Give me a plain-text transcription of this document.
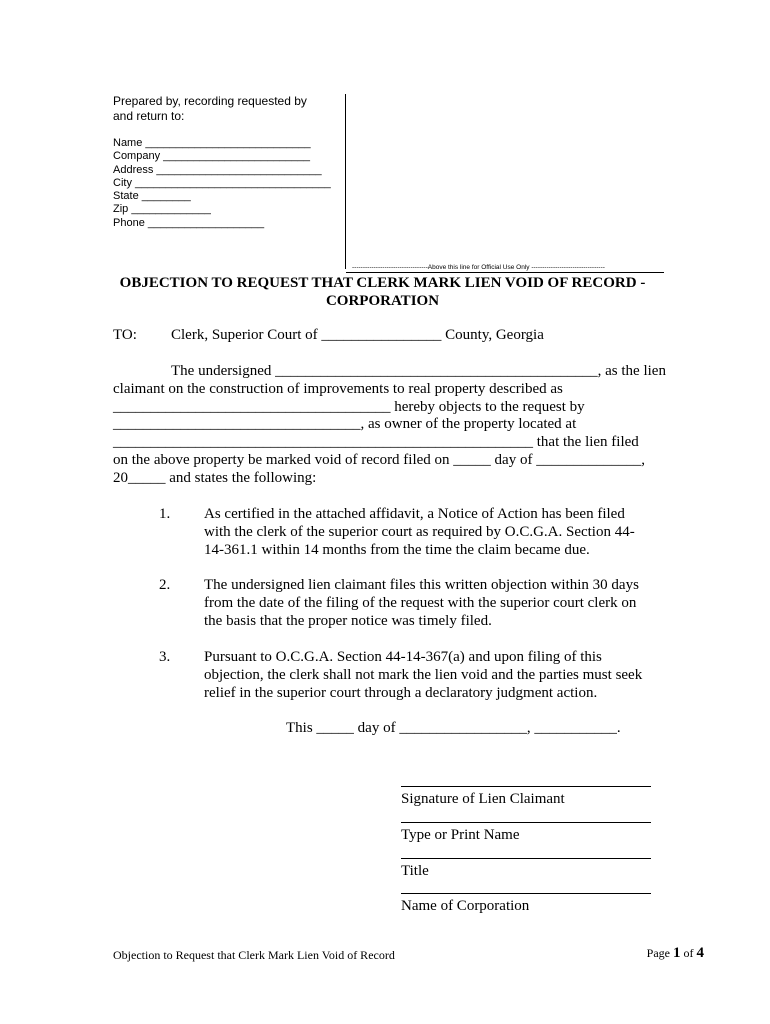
Prepared by, recording requested by
and return to:
Name ___________________________
Company ________________________
Address ___________________________
City ________________________________
State ________
Zip _____________
Phone ___________________
-----------------------------------Above this line for Official Use Only ----------------------------------
OBJECTION TO REQUEST THAT CLERK MARK LIEN VOID OF RECORD -
CORPORATION
TO: Clerk, Superior Court of ________________ County, Georgia
The undersigned ___________________________________________, as the lien
claimant on the construction of improvements to real property described as
_____________________________________ hereby objects to the request by
_________________________________, as owner of the property located at
________________________________________________________ that the lien filed
on the above property be marked void of record filed on _____ day of ______________,
20_____ and states the following:
1. As certified in the attached affidavit, a Notice of Action has been filed
with the clerk of the superior court as required by O.C.G.A. Section 44-
14-361.1 within 14 months from the time the claim became due.
2. The undersigned lien claimant files this written objection within 30 days
from the date of the filing of the request with the superior court clerk on
the basis that the proper notice was timely filed.
3. Pursuant to O.C.G.A. Section 44-14-367(a) and upon filing of this
objection, the clerk shall not mark the lien void and the parties must seek
relief in the superior court through a declaratory judgment action.
This _____ day of _________________, ___________.
Signature of Lien Claimant
Type or Print Name
Title
Name of Corporation
Objection to Request that Clerk Mark Lien Void of Record	Page 1 of 4
